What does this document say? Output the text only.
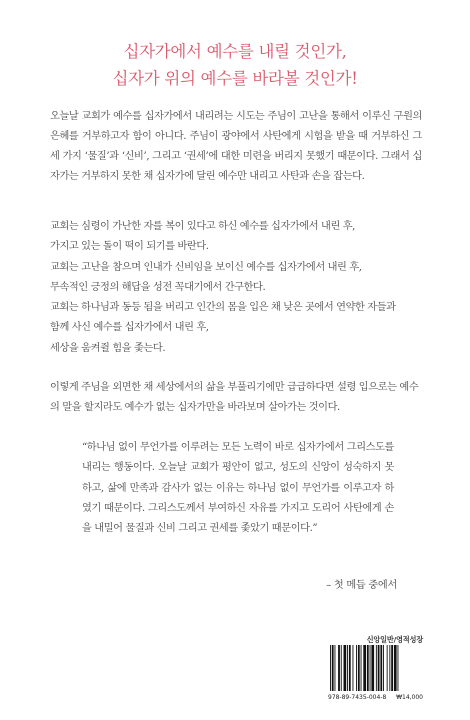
십자가에서 예수를 내릴 것인가,
십자가 위의 예수를 바라볼 것인가!
오늘날 교회가 예수를 십자가에서 내리려는 시도는 주님이 고난을 통해서 이루신 구원의 은혜를 거부하고자 함이 아니다. 주님이 광야에서 사탄에게 시험을 받을 때 거부하신 그 세 가지 ‘물질’과 ‘신비’, 그리고 ‘권세’에 대한 미련을 버리지 못했기 때문이다. 그래서 십자가는 거부하지 못한 채 십자가에 달린 예수만 내리고 사탄과 손을 잡는다.
교회는 심령이 가난한 자를 복이 있다고 하신 예수를 십자가에서 내린 후,
가지고 있는 돌이 떡이 되기를 바란다.
교회는 고난을 참으며 인내가 신비임을 보이신 예수를 십자가에서 내린 후,
무속적인 긍정의 해답을 성전 꼭대기에서 간구한다.
교회는 하나님과 동등 됨을 버리고 인간의 몸을 입은 채 낮은 곳에서 연약한 자들과
함께 사신 예수를 십자가에서 내린 후,
세상을 움켜쥘 힘을 좇는다.
이렇게 주님을 외면한 채 세상에서의 삶을 부풀리기에만 급급하다면 설령 입으로는 예수의 말을 할지라도 예수가 없는 십자가만을 바라보며 살아가는 것이다.
“하나님 없이 무언가를 이루려는 모든 노력이 바로 십자가에서 그리스도를 내리는 행동이다. 오늘날 교회가 평안이 없고, 성도의 신앙이 성숙하지 못하고, 삶에 만족과 감사가 없는 이유는 하나님 없이 무언가를 이루고자 하였기 때문이다. 그리스도께서 부여하신 자유를 가지고 도리어 사탄에게 손을 내밀어 물질과 신비 그리고 권세를 좇았기 때문이다.”
– 첫 메듭 중에서
신앙일반/영적성장
978-89-7435-004-8 ₩14,000
